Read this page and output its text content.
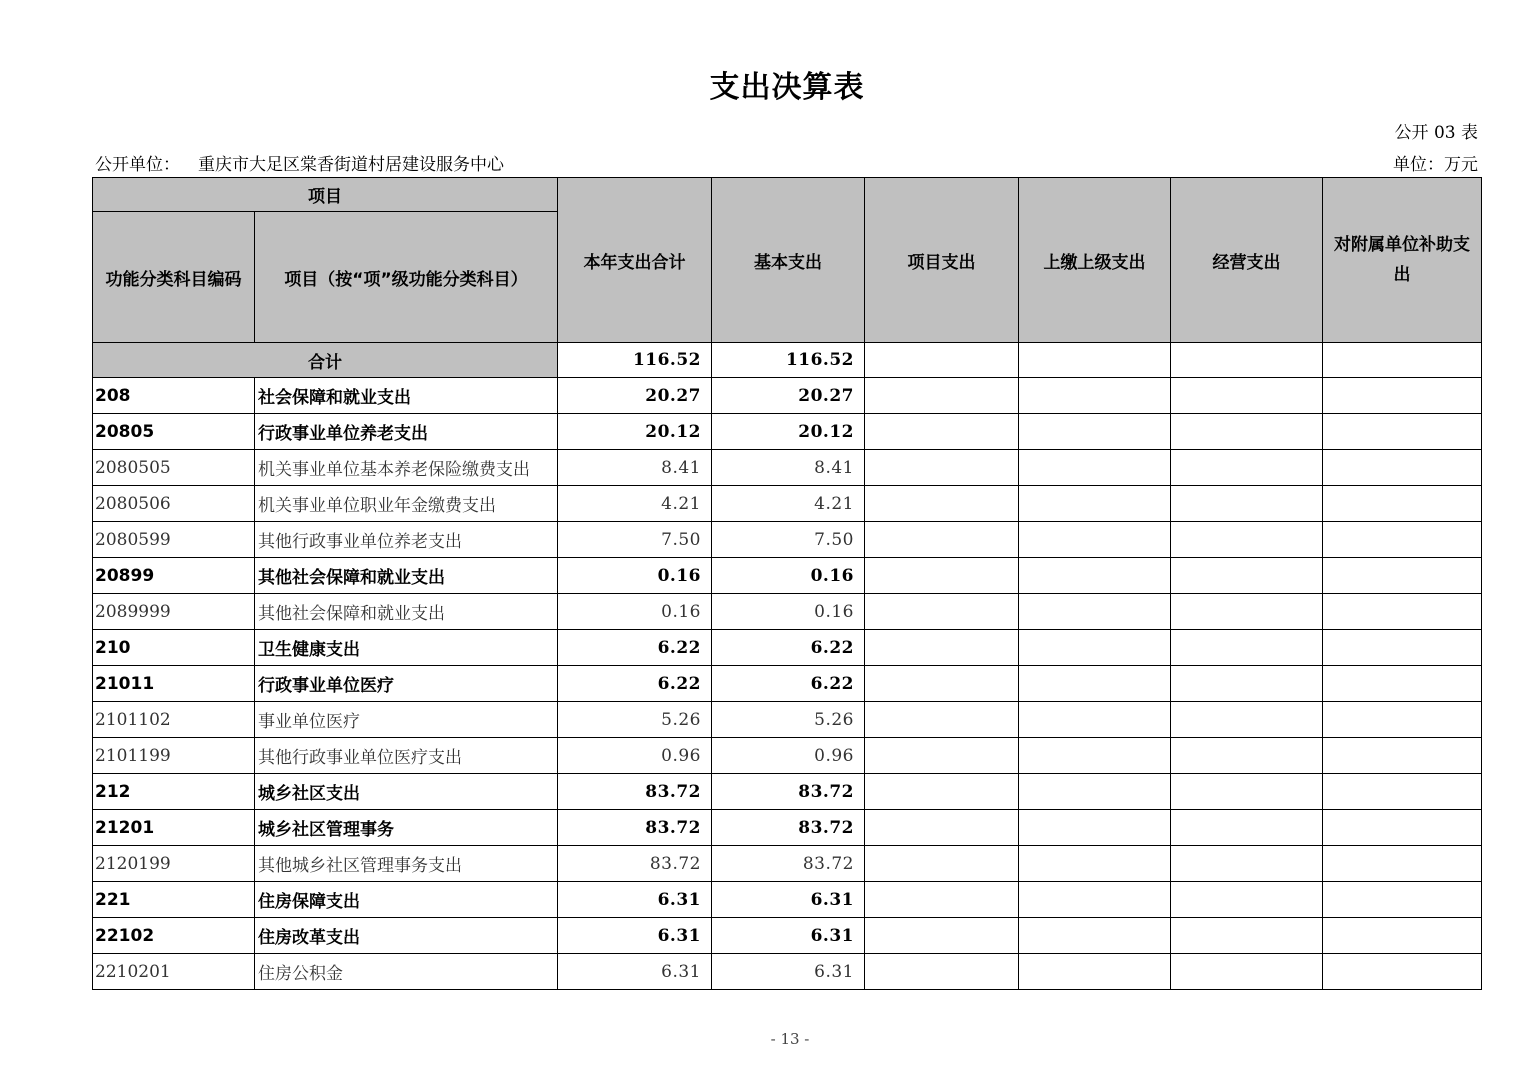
支出决算表
公开 03 表
公开单位： 重庆市大足区棠香街道村居建设服务中心	单位：万元
项目		本年支出合计	基本支出	项目支出	上缴上级支出	经营支出	对附属单位补助支出
功能分类科目编码	项目（按“项”级功能分类科目）						
合计		116.52	116.52				
208	社会保障和就业支出	20.27	20.27				
20805	行政事业单位养老支出	20.12	20.12				
2080505	机关事业单位基本养老保险缴费支出	8.41	8.41				
2080506	机关事业单位职业年金缴费支出	4.21	4.21				
2080599	其他行政事业单位养老支出	7.50	7.50				
20899	其他社会保障和就业支出	0.16	0.16				
2089999	其他社会保障和就业支出	0.16	0.16				
210	卫生健康支出	6.22	6.22				
21011	行政事业单位医疗	6.22	6.22				
2101102	事业单位医疗	5.26	5.26				
2101199	其他行政事业单位医疗支出	0.96	0.96				
212	城乡社区支出	83.72	83.72				
21201	城乡社区管理事务	83.72	83.72				
2120199	其他城乡社区管理事务支出	83.72	83.72				
221	住房保障支出	6.31	6.31				
22102	住房改革支出	6.31	6.31				
2210201	住房公积金	6.31	6.31				
- 13 -
